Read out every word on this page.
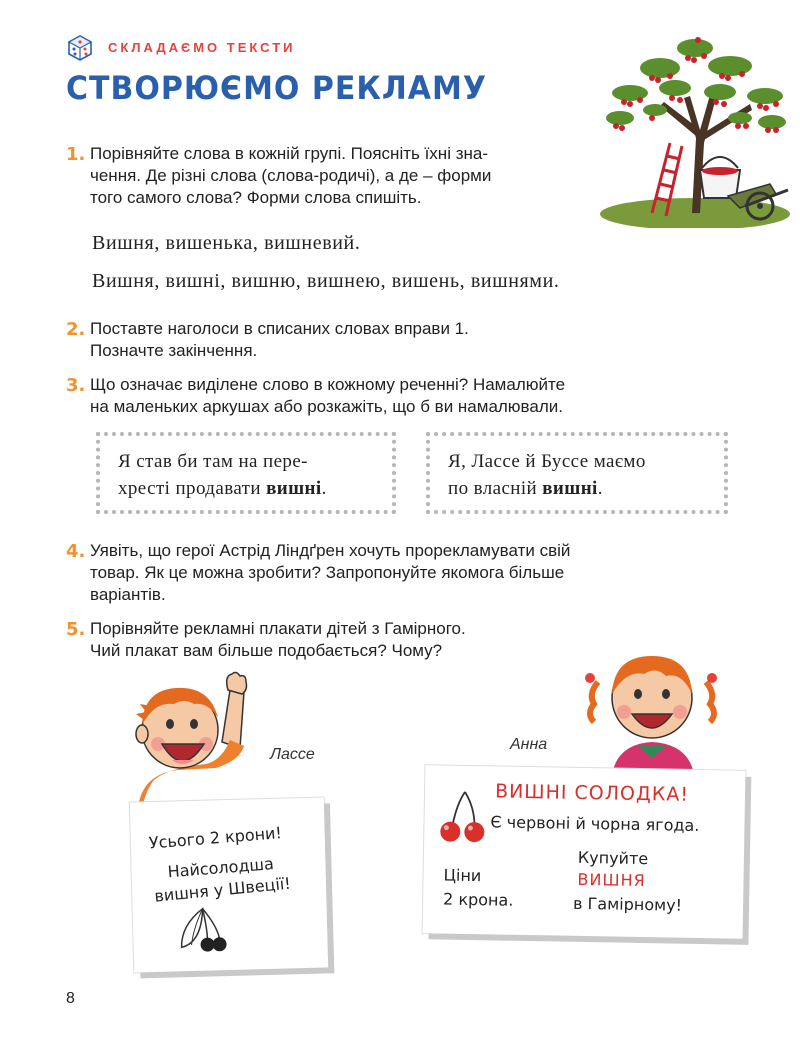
СКЛАДАЄМО ТЕКСТИ
СТВОРЮЄМО РЕКЛАМУ
1. Порівняйте слова в кожній групі. Поясніть їхні зна-
чення. Де різні слова (слова-родичі), а де – форми
того самого слова? Форми слова спишіть.
Вишня, вишенька, вишневий.
Вишня, вишні, вишню, вишнею, вишень, вишнями.
2. Поставте наголоси в списаних словах вправи 1.
Позначте закінчення.
3. Що означає виділене слово в кожному реченні? Намалюйте
на маленьких аркушах або розкажіть, що б ви намалювали.
Я став би там на пере-
хресті продавати вишні.
Я, Лассе й Буссе маємо
по власній вишні.
4. Уявіть, що герої Астрід Ліндґрен хочуть прорекламувати свій
товар. Як це можна зробити? Запропонуйте якомога більше
варіантів.
5. Порівняйте рекламні плакати дітей з Гамірного.
Чий плакат вам більше подобається? Чому?
Лассе
Анна
Усього 2 крони!
Найсолодша
вишня у Швеції!
ВИШНІ СОЛОДКА!
Є червоні й чорна ягода.
Купуйте
ВИШНЯ
в Гамірному!
Ціни
2 крона.
8
